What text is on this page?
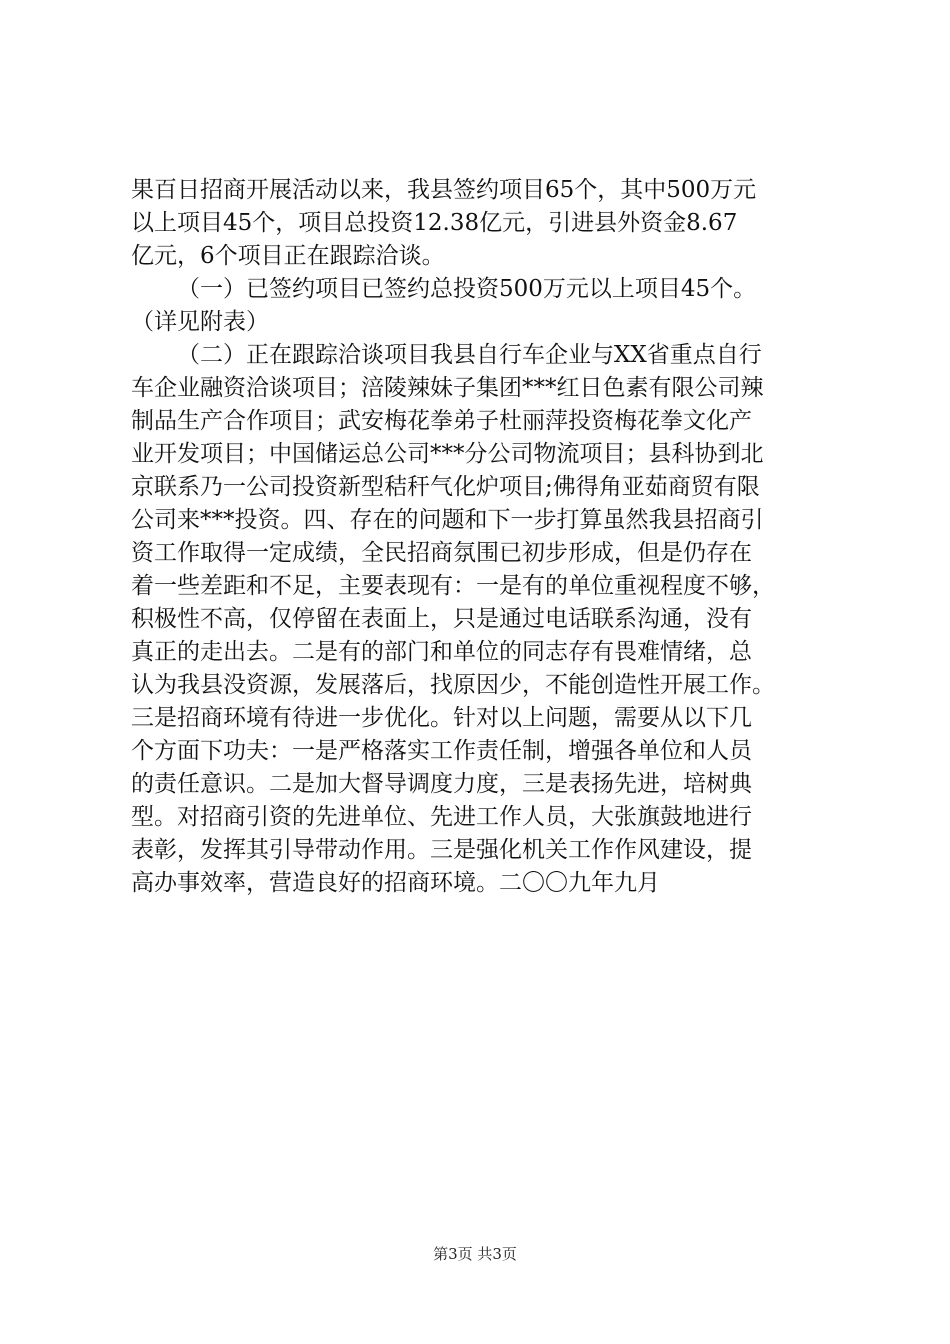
果百日招商开展活动以来，我县签约项目65个，其中500万元
以上项目45个，项目总投资12.38亿元，引进县外资金8.67
亿元，6个项目正在跟踪洽谈。
（一）已签约项目已签约总投资500万元以上项目45个。
（详见附表）
（二）正在跟踪洽谈项目我县自行车企业与XX省重点自行
车企业融资洽谈项目；涪陵辣妹子集团***红日色素有限公司辣
制品生产合作项目；武安梅花拳弟子杜丽萍投资梅花拳文化产
业开发项目；中国储运总公司***分公司物流项目；县科协到北
京联系乃一公司投资新型秸秆气化炉项目;佛得角亚茹商贸有限
公司来***投资。四、存在的问题和下一步打算虽然我县招商引
资工作取得一定成绩，全民招商氛围已初步形成，但是仍存在
着一些差距和不足，主要表现有：一是有的单位重视程度不够，
积极性不高，仅停留在表面上，只是通过电话联系沟通，没有
真正的走出去。二是有的部门和单位的同志存有畏难情绪，总
认为我县没资源，发展落后，找原因少，不能创造性开展工作。
三是招商环境有待进一步优化。针对以上问题，需要从以下几
个方面下功夫：一是严格落实工作责任制，增强各单位和人员
的责任意识。二是加大督导调度力度，三是表扬先进，培树典
型。对招商引资的先进单位、先进工作人员，大张旗鼓地进行
表彰，发挥其引导带动作用。三是强化机关工作作风建设，提
高办事效率，营造良好的招商环境。二〇〇九年九月
第3页 共3页
